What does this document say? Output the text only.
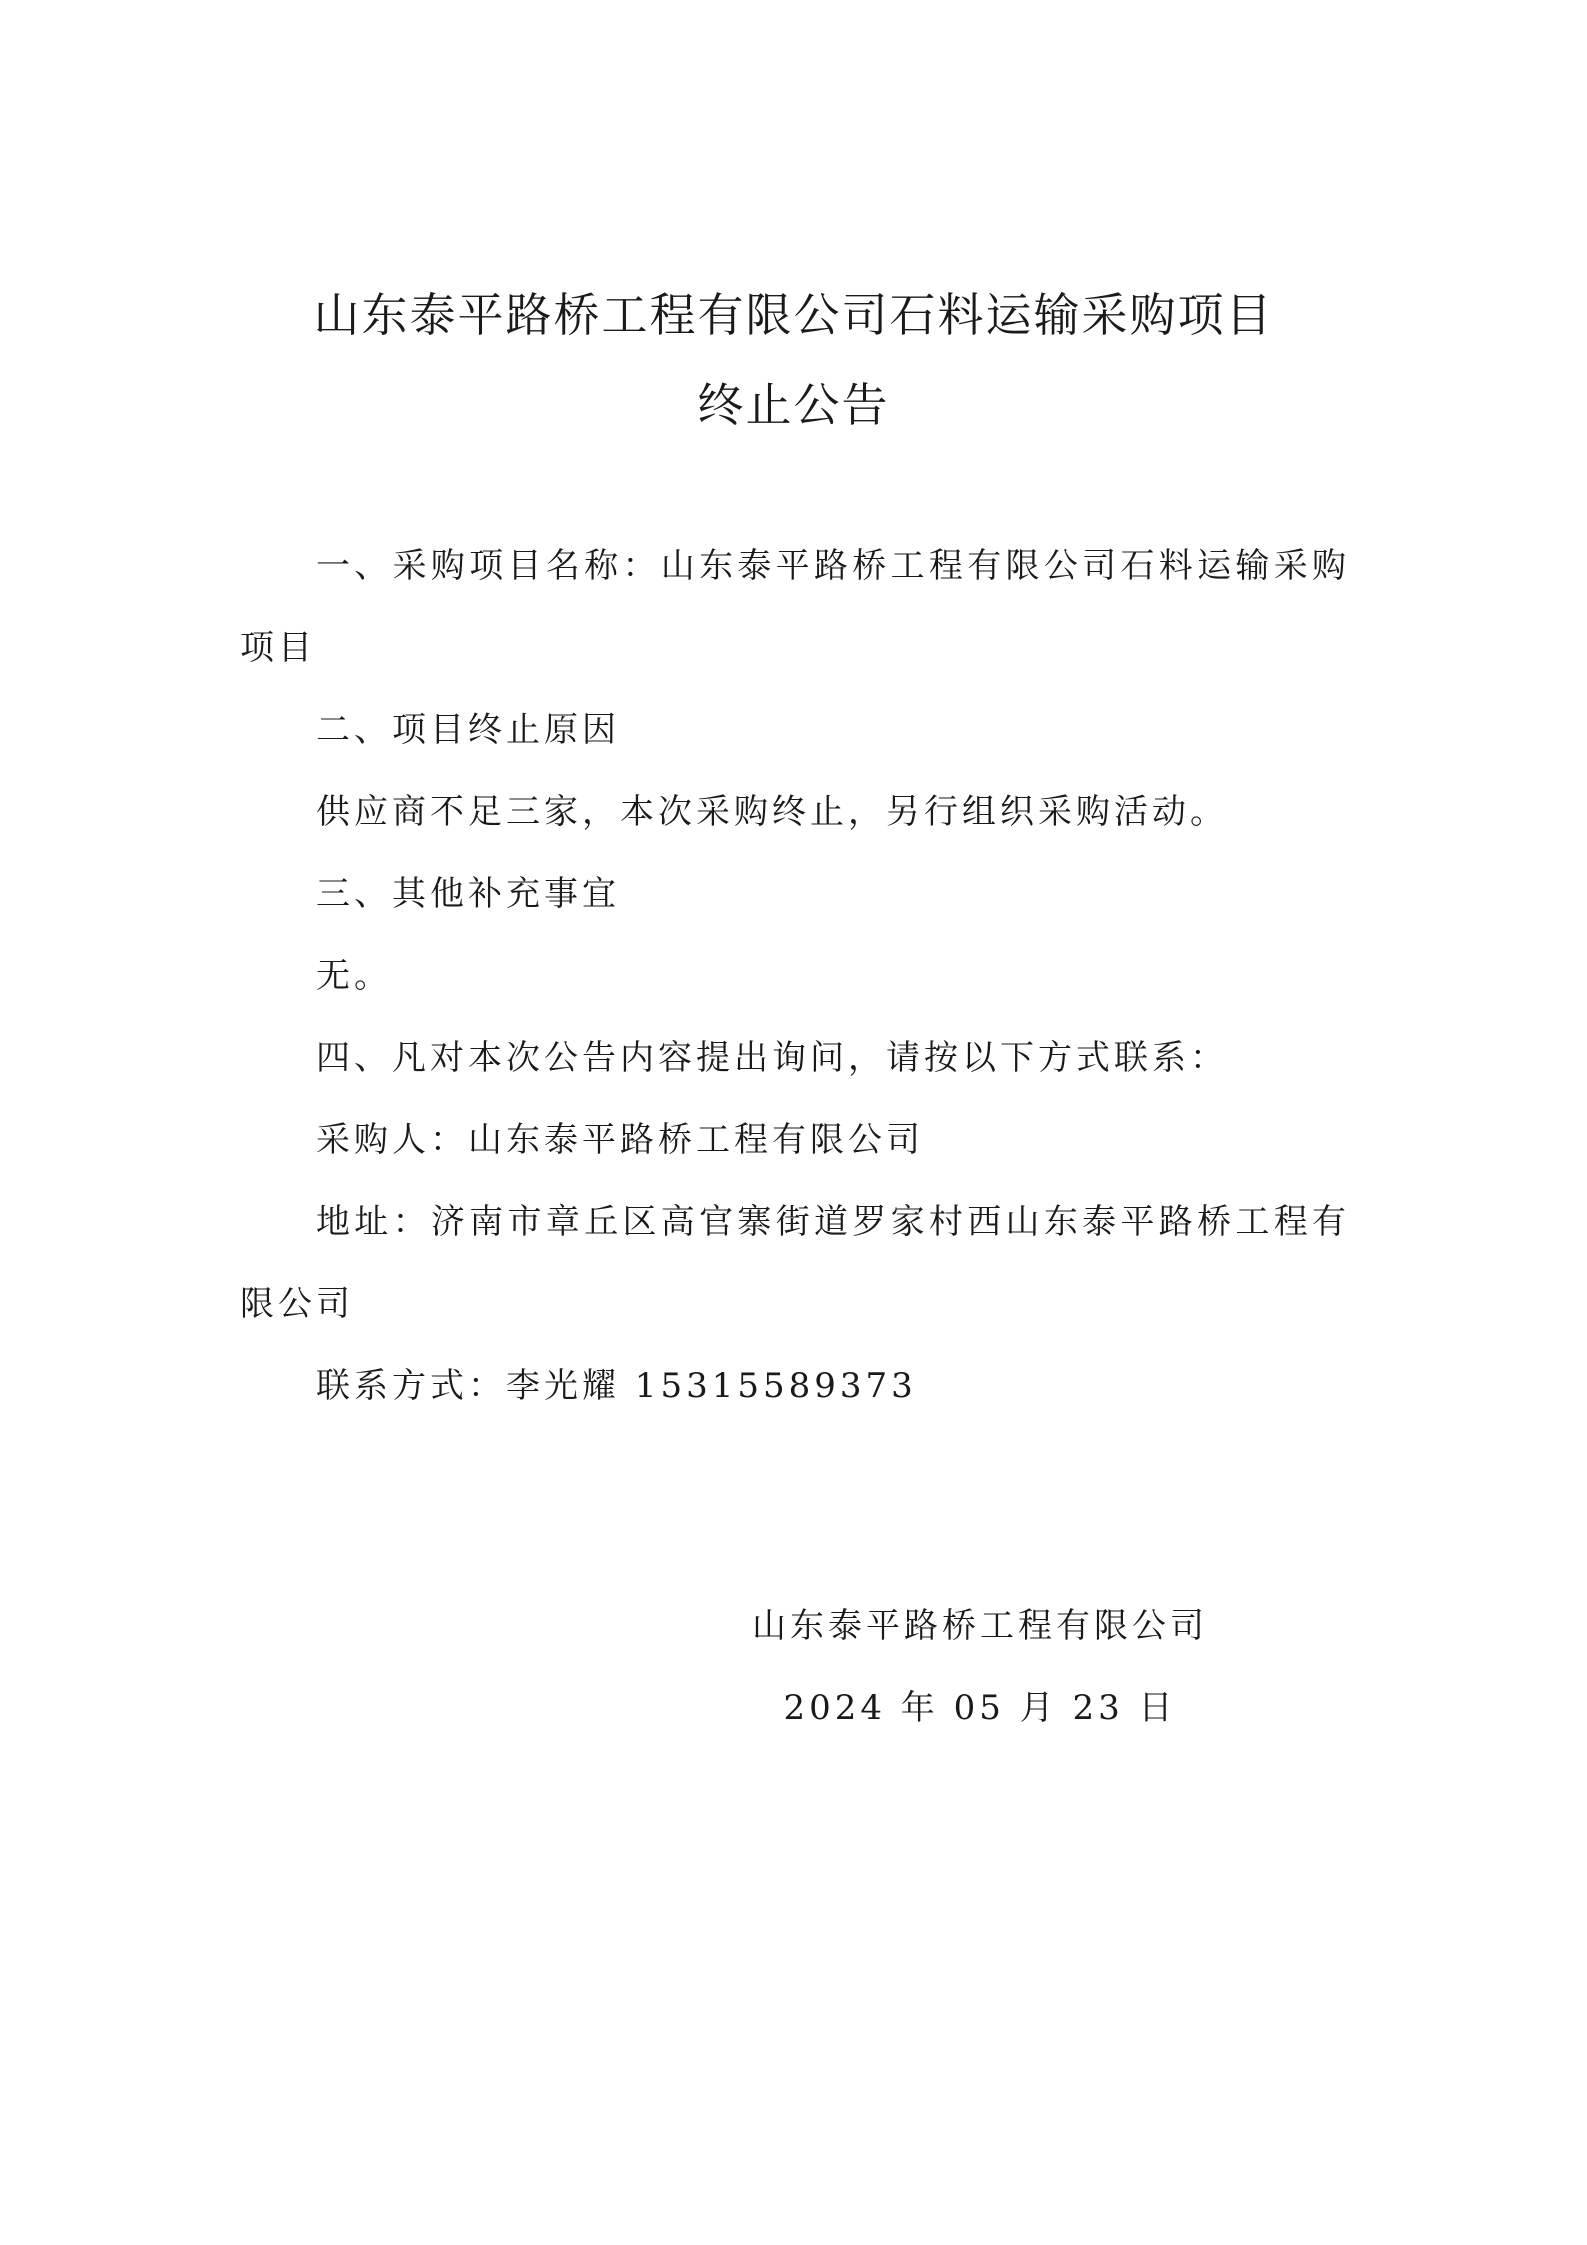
山东泰平路桥工程有限公司石料运输采购项目
终止公告

一、采购项目名称：山东泰平路桥工程有限公司石料运输采购项目

二、项目终止原因

供应商不足三家，本次采购终止，另行组织采购活动。

三、其他补充事宜

无。

四、凡对本次公告内容提出询问，请按以下方式联系：

采购人：山东泰平路桥工程有限公司

地址：济南市章丘区高官寨街道罗家村西山东泰平路桥工程有限公司

联系方式：李光耀 15315589373

山东泰平路桥工程有限公司
2024 年 05 月 23 日
